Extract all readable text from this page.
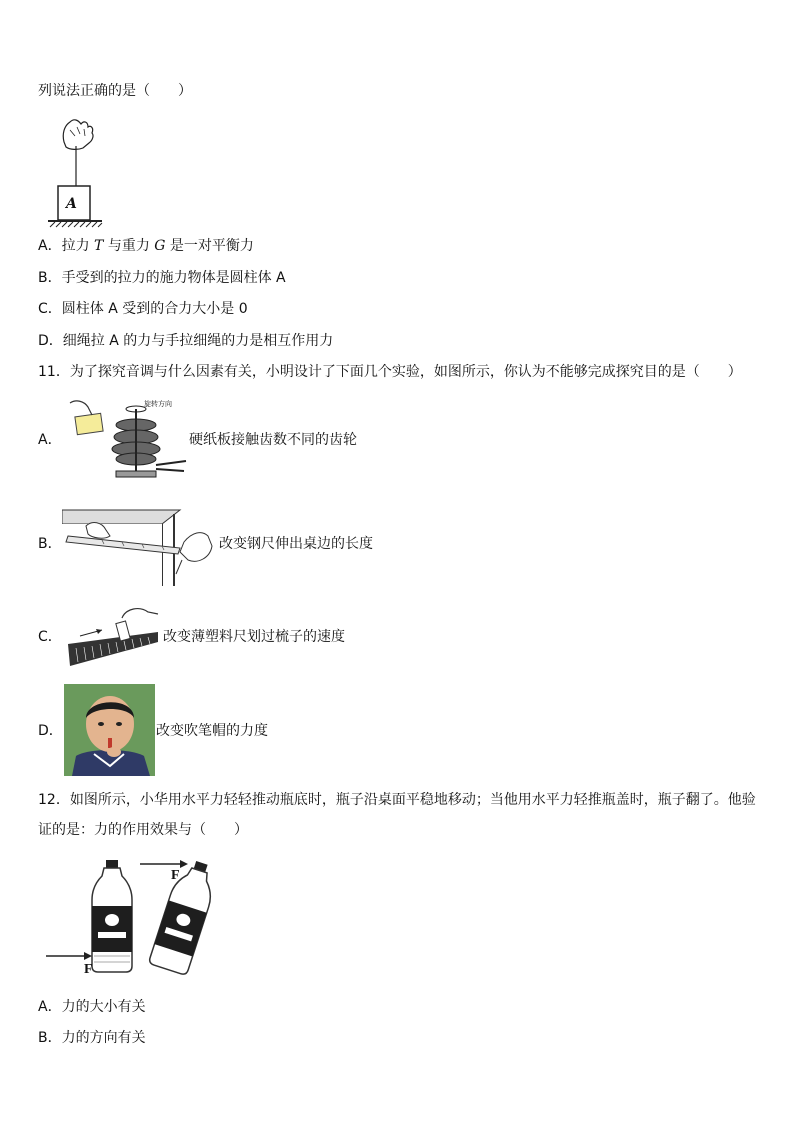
列说法正确的是（　　）
A
A．拉力 T 与重力 G 是一对平衡力
B．手受到的拉力的施力物体是圆柱体 A
C．圆柱体 A 受到的合力大小是 0
D．细绳拉 A 的力与手拉细绳的力是相互作用力
11．为了探究音调与什么因素有关，小明设计了下面几个实验，如图所示，你认为不能够完成探究目的是（　　）
A．
旋转方向
硬纸板接触齿数不同的齿轮
B．	改变钢尺伸出桌边的长度
C．	改变薄塑料尺划过梳子的速度
D．	改变吹笔帽的力度
12．如图所示，小华用水平力轻轻推动瓶底时，瓶子沿桌面平稳地移动；当他用水平力轻推瓶盖时，瓶子翻了。他验
证的是：力的作用效果与（　　）
F
F
A．力的大小有关
B．力的方向有关
